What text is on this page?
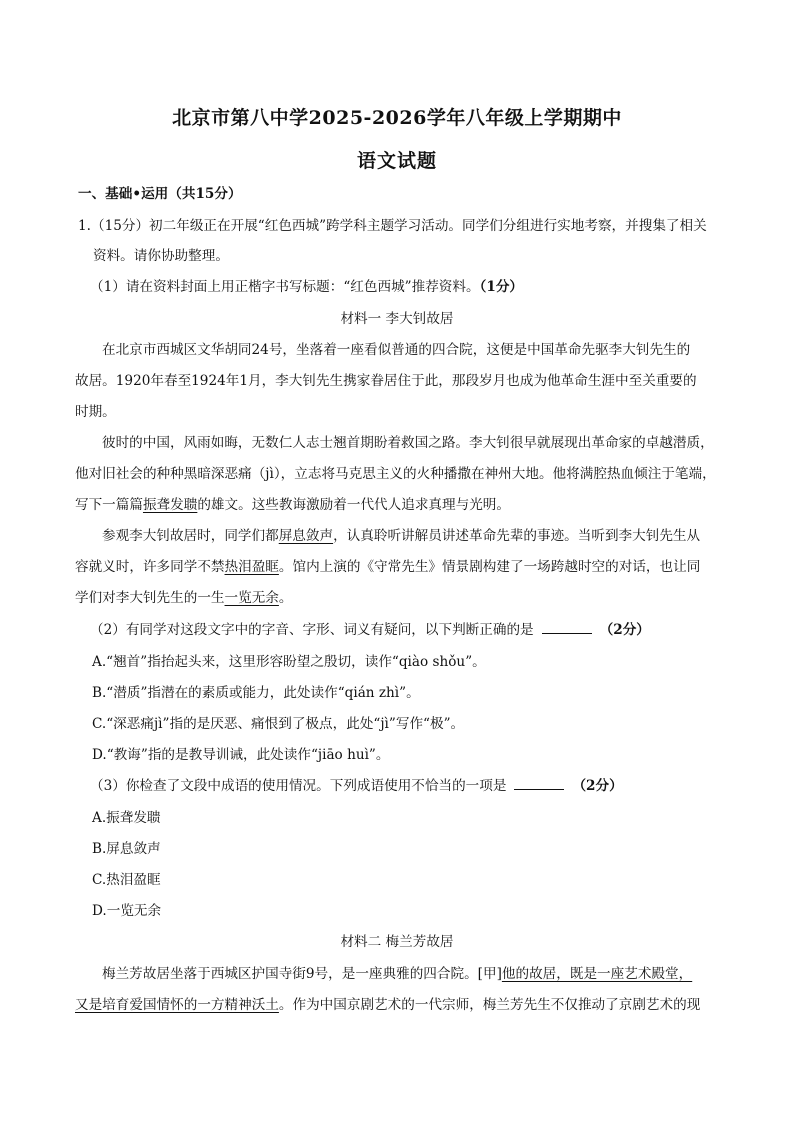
北京市第八中学2025-2026学年八年级上学期期中
语文试题
一、基础•运用（共15分）
1.（15分）初二年级正在开展“红色西城”跨学科主题学习活动。同学们分组进行实地考察，并搜集了相关
资料。请你协助整理。
（1）请在资料封面上用正楷字书写标题：“红色西城”推荐资料。（1分）
材料一 李大钊故居
在北京市西城区文华胡同24号，坐落着一座看似普通的四合院，这便是中国革命先驱李大钊先生的
故居。1920年春至1924年1月，李大钊先生携家眷居住于此，那段岁月也成为他革命生涯中至关重要的
时期。
彼时的中国，风雨如晦，无数仁人志士翘首期盼着救国之路。李大钊很早就展现出革命家的卓越潜质，
他对旧社会的种种黑暗深恶痛（jì），立志将马克思主义的火种播撒在神州大地。他将满腔热血倾注于笔端，
写下一篇篇振聋发聩的雄文。这些教诲激励着一代代人追求真理与光明。
参观李大钊故居时，同学们都屏息敛声，认真聆听讲解员讲述革命先辈的事迹。当听到李大钊先生从
容就义时，许多同学不禁热泪盈眶。馆内上演的《守常先生》情景剧构建了一场跨越时空的对话，也让同
学们对李大钊先生的一生一览无余。
（2）有同学对这段文字中的字音、字形、词义有疑问，以下判断正确的是	（2分）
A.“翘首”指抬起头来，这里形容盼望之殷切，读作“qiào shǒu”。
B.“潜质”指潜在的素质或能力，此处读作“qián zhì”。
C.“深恶痛jì”指的是厌恶、痛恨到了极点，此处“jì”写作“极”。
D.“教诲”指的是教导训诫，此处读作“jiāo huì”。
（3）你检查了文段中成语的使用情况。下列成语使用不恰当的一项是	（2分）
A.振聋发聩
B.屏息敛声
C.热泪盈眶
D.一览无余
材料二 梅兰芳故居
梅兰芳故居坐落于西城区护国寺街9号，是一座典雅的四合院。[甲]他的故居，既是一座艺术殿堂，
又是培育爱国情怀的一方精神沃土。作为中国京剧艺术的一代宗师，梅兰芳先生不仅推动了京剧艺术的现
